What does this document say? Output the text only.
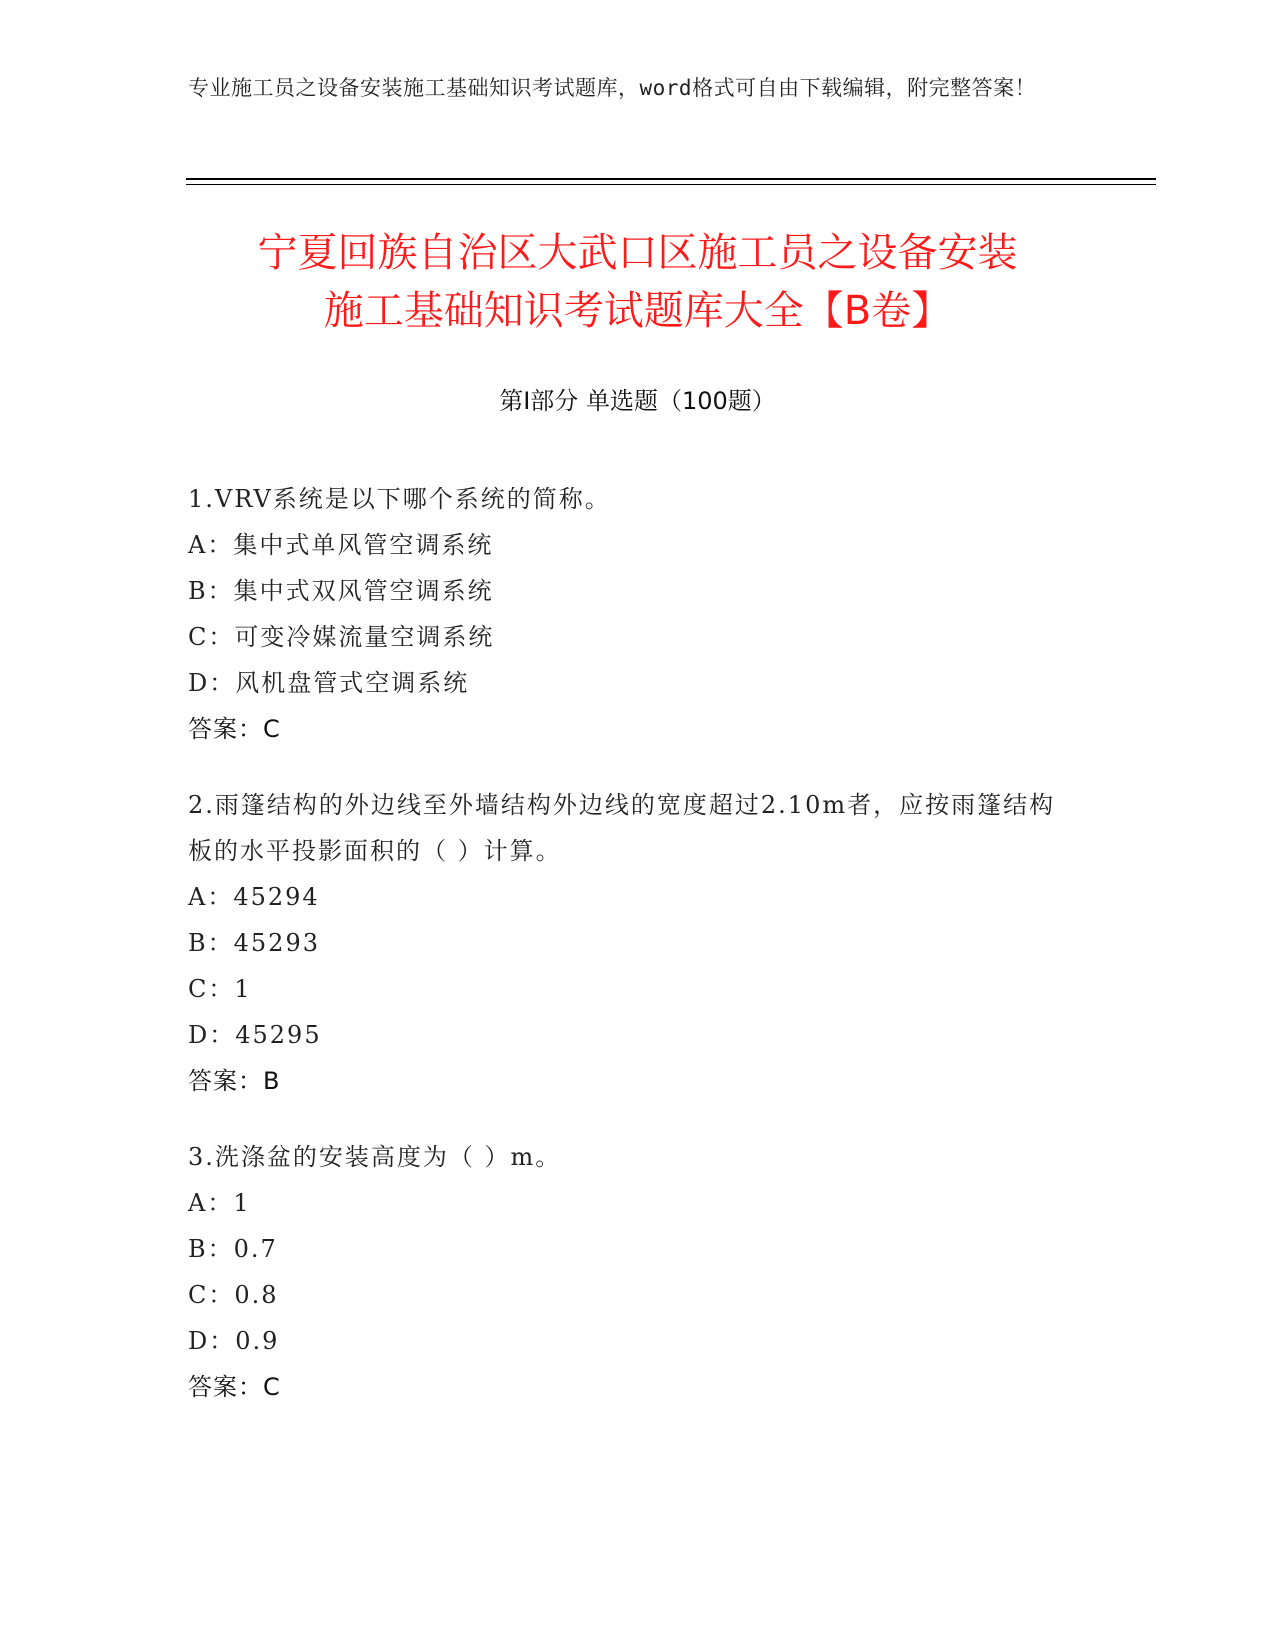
专业施工员之设备安装施工基础知识考试题库，word格式可自由下载编辑，附完整答案！
宁夏回族自治区大武口区施工员之设备安装
施工基础知识考试题库大全【B卷】
第Ⅰ部分 单选题（100题）
1.VRV系统是以下哪个系统的简称。
A：集中式单风管空调系统
B：集中式双风管空调系统
C：可变冷媒流量空调系统
D：风机盘管式空调系统
答案：C
2.雨篷结构的外边线至外墙结构外边线的宽度超过2.10m者，应按雨篷结构板的水平投影面积的（ ）计算。
A：45294
B：45293
C：1
D：45295
答案：B
3.洗涤盆的安装高度为（ ）m。
A：1
B：0.7
C：0.8
D：0.9
答案：C
